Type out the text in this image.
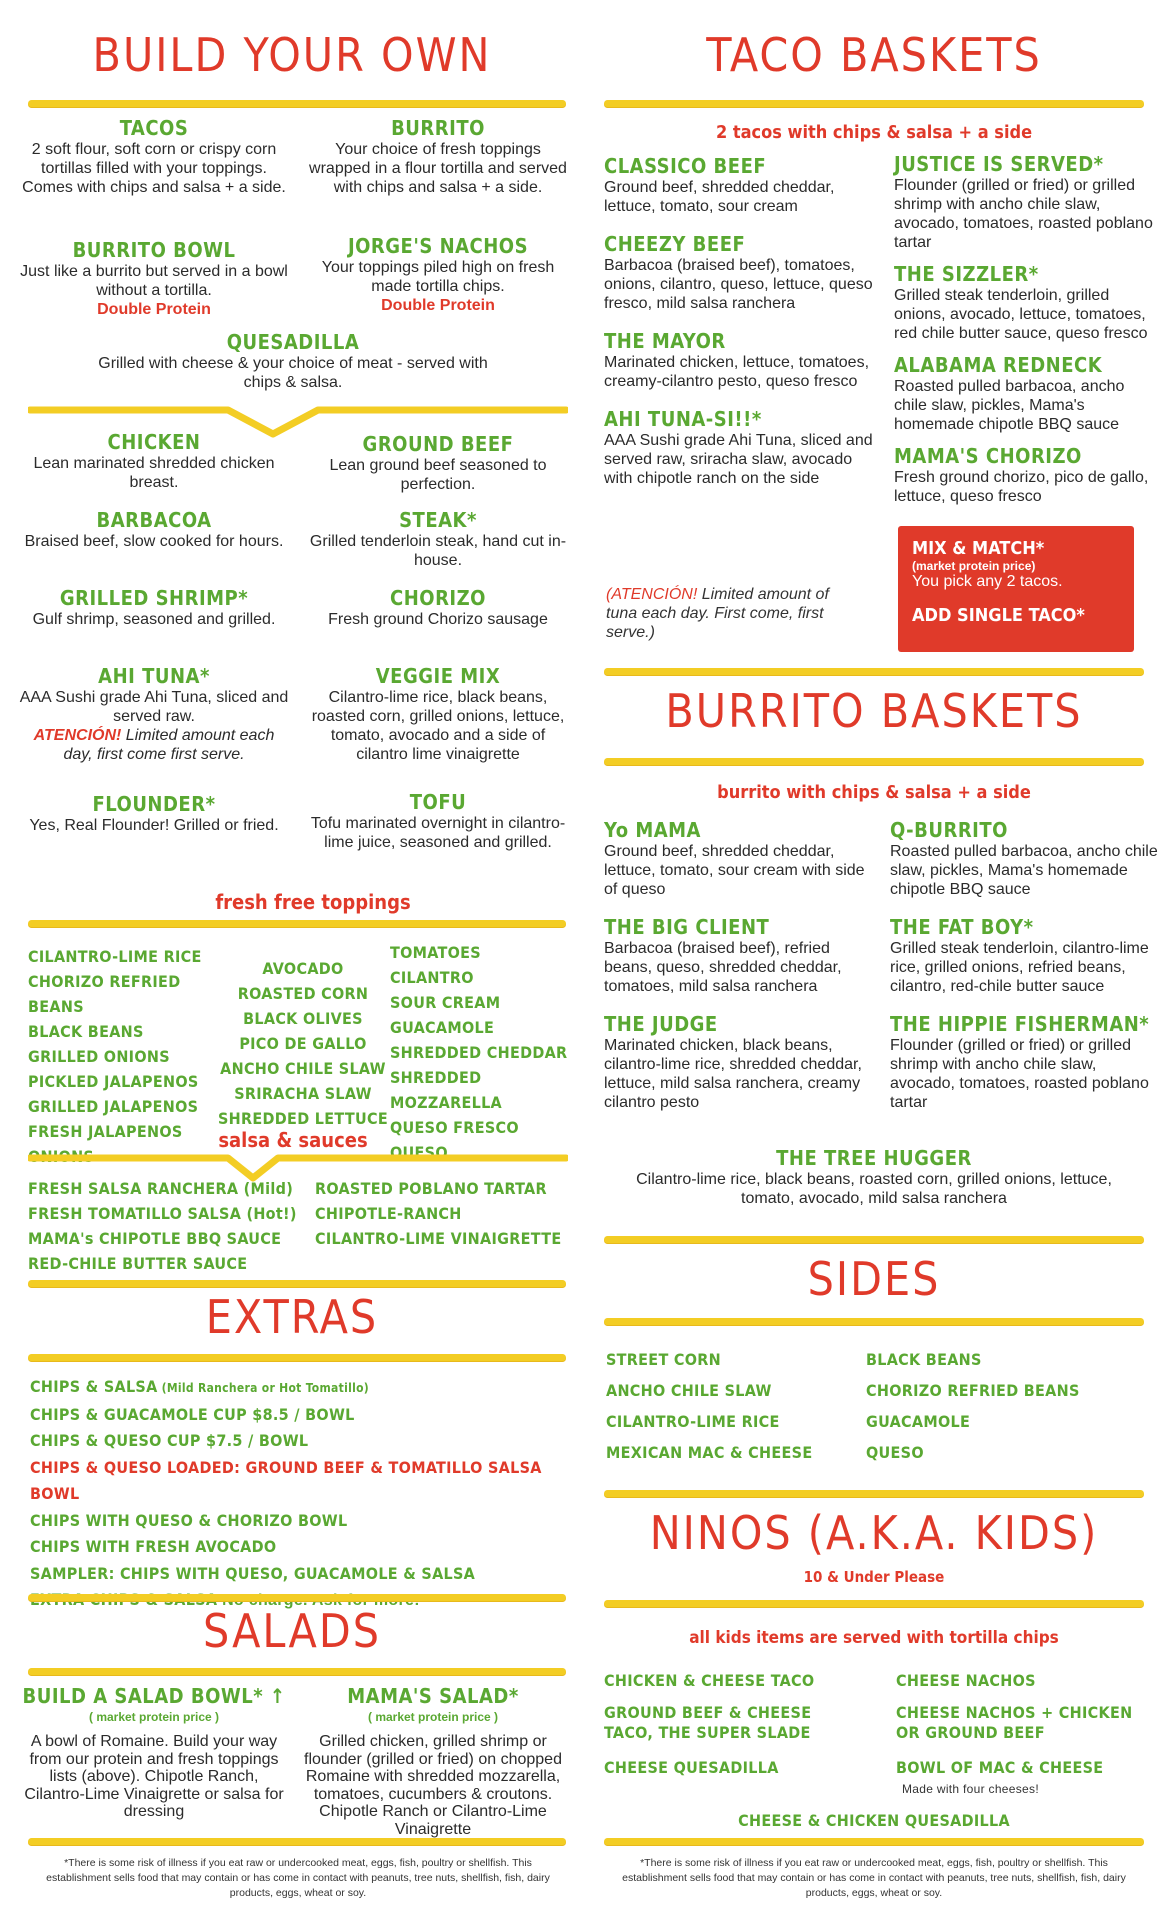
BUILD YOUR OWN
TACOS
2 soft flour, soft corn or crispy corn tortillas filled with your toppings. Comes with chips and salsa + a side.
BURRITO
Your choice of fresh toppings wrapped in a flour tortilla and served with chips and salsa + a side.
BURRITO BOWL
Just like a burrito but served in a bowl without a tortilla.
Double Protein
JORGE'S NACHOS
Your toppings piled high on fresh made tortilla chips.
Double Protein
QUESADILLA
Grilled with cheese & your choice of meat - served with chips & salsa.
CHICKEN
Lean marinated shredded chicken breast.
GROUND BEEF
Lean ground beef seasoned to perfection.
BARBACOA
Braised beef, slow cooked for hours.
STEAK*
Grilled tenderloin steak, hand cut in-house.
GRILLED SHRIMP*
Gulf shrimp, seasoned and grilled.
CHORIZO
Fresh ground Chorizo sausage
AHI TUNA*
AAA Sushi grade Ahi Tuna, sliced and served raw.
ATENCIÓN! Limited amount each day, first come first serve.
VEGGIE MIX
Cilantro-lime rice, black beans, roasted corn, grilled onions, lettuce, tomato, avocado and a side of cilantro lime vinaigrette
FLOUNDER*
Yes, Real Flounder! Grilled or fried.
TOFU
Tofu marinated overnight in cilantro-lime juice, seasoned and grilled.
fresh free toppings
CILANTRO-LIME RICE
CHORIZO REFRIED BEANS
BLACK BEANS
GRILLED ONIONS
PICKLED JALAPENOS
GRILLED JALAPENOS
FRESH JALAPENOS
ONIONS
AVOCADO
ROASTED CORN
BLACK OLIVES
PICO DE GALLO
ANCHO CHILE SLAW
SRIRACHA SLAW
SHREDDED LETTUCE
TOMATOES
CILANTRO
SOUR CREAM
GUACAMOLE
SHREDDED CHEDDAR
SHREDDED MOZZARELLA
QUESO FRESCO
QUESO
salsa & sauces
FRESH SALSA RANCHERA (Mild)
FRESH TOMATILLO SALSA (Hot!)
MAMA's CHIPOTLE BBQ SAUCE
RED-CHILE BUTTER SAUCE
ROASTED POBLANO TARTAR
CHIPOTLE-RANCH
CILANTRO-LIME VINAIGRETTE
EXTRAS
CHIPS & SALSA (Mild Ranchera or Hot Tomatillo)
CHIPS & GUACAMOLE CUP $8.5 / BOWL
CHIPS & QUESO CUP $7.5 / BOWL
CHIPS & QUESO LOADED: GROUND BEEF & TOMATILLO SALSA BOWL
CHIPS WITH QUESO & CHORIZO BOWL
CHIPS WITH FRESH AVOCADO
SAMPLER: CHIPS WITH QUESO, GUACAMOLE & SALSA
SALADS
BUILD A SALAD BOWL* ↑
( market protein price )
A bowl of Romaine. Build your way from our protein and fresh toppings lists (above). Chipotle Ranch, Cilantro-Lime Vinaigrette or salsa for dressing
MAMA'S SALAD*
( market protein price )
Grilled chicken, grilled shrimp or flounder (grilled or fried) on chopped Romaine with shredded mozzarella, tomatoes, cucumbers & croutons. Chipotle Ranch or Cilantro-Lime Vinaigrette
*There is some risk of illness if you eat raw or undercooked meat, eggs, fish, poultry or shellfish. This establishment sells food that may contain or has come in contact with peanuts, tree nuts, shellfish, fish, dairy products, eggs, wheat or soy.
TACO BASKETS
2 tacos with chips & salsa + a side
CLASSICO BEEF
Ground beef, shredded cheddar, lettuce, tomato, sour cream
CHEEZY BEEF
Barbacoa (braised beef), tomatoes, onions, cilantro, queso, lettuce, queso fresco, mild salsa ranchera
THE MAYOR
Marinated chicken, lettuce, tomatoes, creamy-cilantro pesto, queso fresco
AHI TUNA-SI!!*
AAA Sushi grade Ahi Tuna, sliced and served raw, sriracha slaw, avocado with chipotle ranch on the side
JUSTICE IS SERVED*
Flounder (grilled or fried) or grilled shrimp with ancho chile slaw, avocado, tomatoes, roasted poblano tartar
THE SIZZLER*
Grilled steak tenderloin, grilled onions, avocado, lettuce, tomatoes, red chile butter sauce, queso fresco
ALABAMA REDNECK
Roasted pulled barbacoa, ancho chile slaw, pickles, Mama's homemade chipotle BBQ sauce
MAMA'S CHORIZO
Fresh ground chorizo, pico de gallo, lettuce, queso fresco
(ATENCIÓN! Limited amount of tuna each day. First come, first serve.)
MIX & MATCH*
(market protein price)
You pick any 2 tacos.
ADD SINGLE TACO*
BURRITO BASKETS
burrito with chips & salsa + a side
Yo MAMA
Ground beef, shredded cheddar, lettuce, tomato, sour cream with side of queso
THE BIG CLIENT
Barbacoa (braised beef), refried beans, queso, shredded cheddar, tomatoes, mild salsa ranchera
THE JUDGE
Marinated chicken, black beans, cilantro-lime rice, shredded cheddar, lettuce, mild salsa ranchera, creamy cilantro pesto
Q-BURRITO
Roasted pulled barbacoa, ancho chile slaw, pickles, Mama's homemade chipotle BBQ sauce
THE FAT BOY*
Grilled steak tenderloin, cilantro-lime rice, grilled onions, refried beans, cilantro, red-chile butter sauce
THE HIPPIE FISHERMAN*
Flounder (grilled or fried) or grilled shrimp with ancho chile slaw, avocado, tomatoes, roasted poblano tartar
THE TREE HUGGER
Cilantro-lime rice, black beans, roasted corn, grilled onions, lettuce, tomato, avocado, mild salsa ranchera
SIDES
STREET CORN
ANCHO CHILE SLAW
CILANTRO-LIME RICE
MEXICAN MAC & CHEESE
BLACK BEANS
CHORIZO REFRIED BEANS
GUACAMOLE
QUESO
NINOS (A.K.A. KIDS)
10 & Under Please
all kids items are served with tortilla chips
CHICKEN & CHEESE TACO
GROUND BEEF & CHEESE TACO, THE SUPER SLADE
CHEESE QUESADILLA
CHEESE NACHOS
CHEESE NACHOS + CHICKEN OR GROUND BEEF
BOWL OF MAC & CHEESE
Made with four cheeses!
CHEESE & CHICKEN QUESADILLA
*There is some risk of illness if you eat raw or undercooked meat, eggs, fish, poultry or shellfish. This establishment sells food that may contain or has come in contact with peanuts, tree nuts, shellfish, fish, dairy products, eggs, wheat or soy.
